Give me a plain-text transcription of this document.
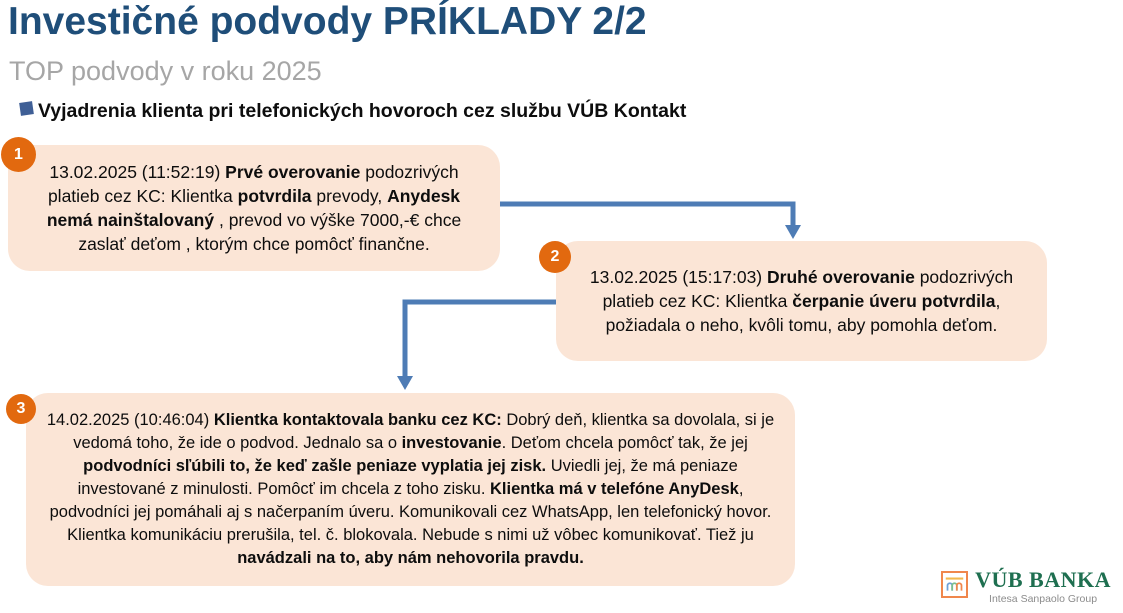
Investičné podvody PRÍKLADY 2/2
TOP podvody v roku 2025
Vyjadrenia klienta pri telefonických hovoroch cez službu VÚB Kontakt

13.02.2025 (11:52:19) Prvé overovanie podozrivých platieb cez KC: Klientka potvrdila prevody, Anydesk nemá nainštalovaný , prevod vo výške 7000,-€ chce zaslať deťom , ktorým chce pomôcť finančne.

1

13.02.2025 (15:17:03) Druhé overovanie podozrivých platieb cez KC: Klientka čerpanie úveru potvrdila, požiadala o neho, kvôli tomu, aby pomohla deťom.

2

14.02.2025 (10:46:04) Klientka kontaktovala banku cez KC: Dobrý deň, klientka sa dovolala, si je vedomá toho, že ide o podvod. Jednalo sa o investovanie. Deťom chcela pomôcť tak, že jej podvodníci sľúbili to, že keď zašle peniaze vyplatia jej zisk. Uviedli jej, že má peniaze investované z minulosti. Pomôcť im chcela z toho zisku. Klientka má v telefóne AnyDesk, podvodníci jej pomáhali aj s načerpaním úveru. Komunikovali cez WhatsApp, len telefonický hovor. Klientka komunikáciu prerušila, tel. č. blokovala. Nebude s nimi už vôbec komunikovať. Tiež ju navádzali na to, aby nám nehovorila pravdu.

3
VÚB BANKA
Intesa Sanpaolo Group
